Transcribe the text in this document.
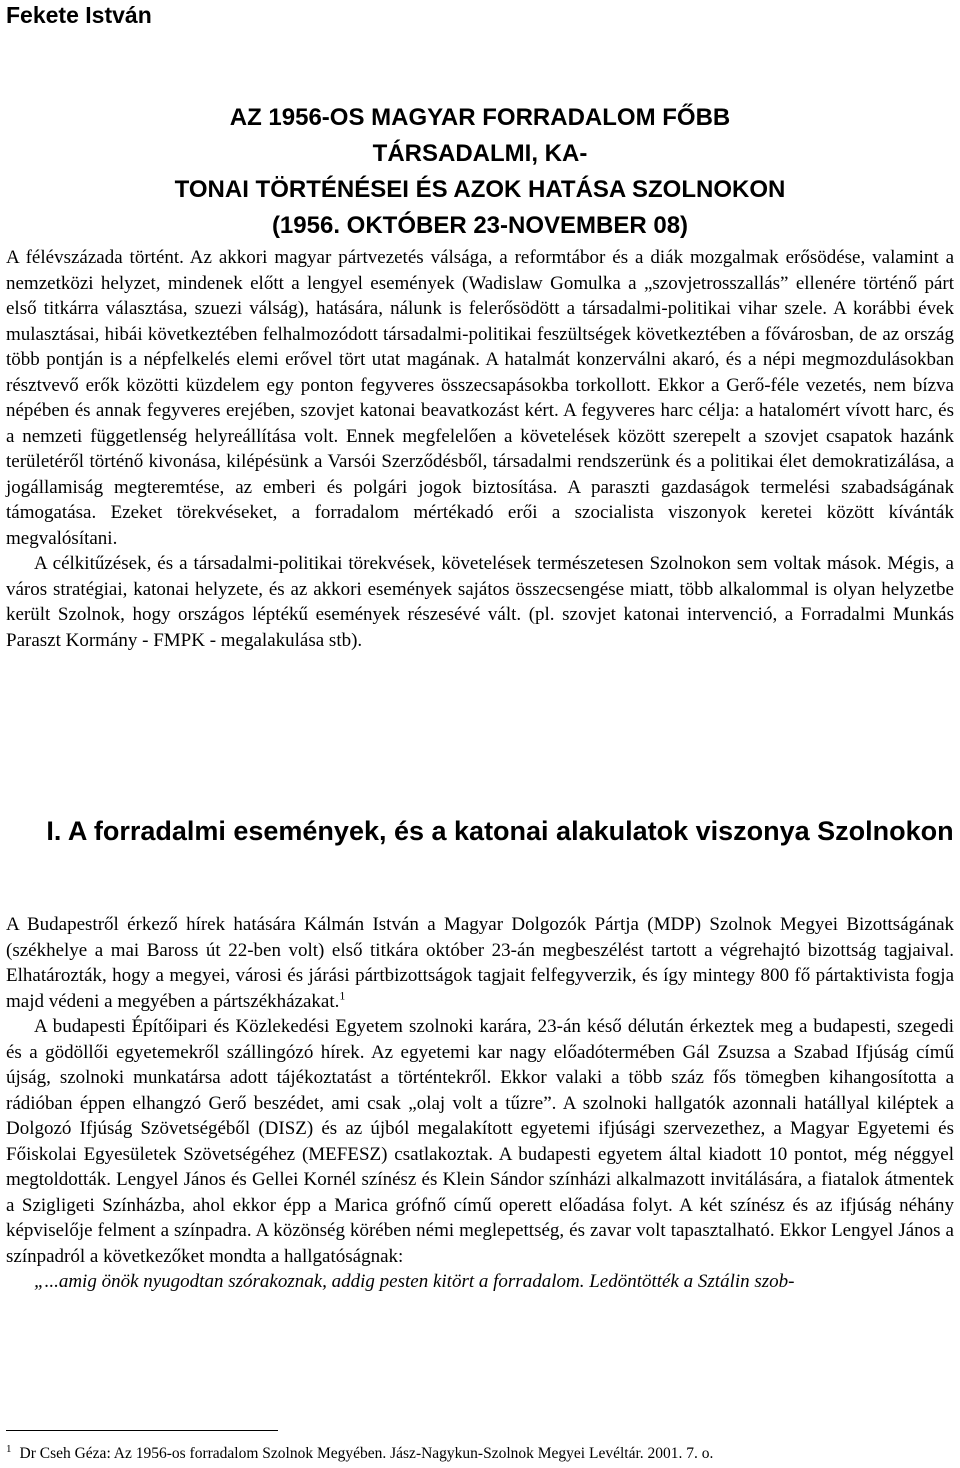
Fekete István
AZ 1956-OS MAGYAR FORRADALOM FŐBB TÁRSADALMI, KA-
TONAI TÖRTÉNÉSEI ÉS AZOK HATÁSA SZOLNOKON
(1956. OKTÓBER 23-NOVEMBER 08)

A félévszázada történt. Az akkori magyar pártvezetés válsága, a reformtábor és a diák mozgalmak erősödése, valamint a nemzetközi helyzet, mindenek előtt a lengyel események (Wadislaw Gomulka a „szovjetrosszallás” ellenére történő párt első titkárra választása, szuezi válság), hatására, nálunk is felerősödött a társadalmi-politikai vihar szele. A korábbi évek mulasztásai, hibái következtében felhalmozódott társadalmi-politikai feszültségek következtében a fővárosban, de az ország több pontján is a népfelkelés elemi erővel tört utat magának. A hatalmát konzerválni akaró, és a népi megmozdulásokban résztvevő erők közötti küzdelem egy ponton fegyveres összecsapásokba torkollott. Ekkor a Gerő-féle vezetés, nem bízva népében és annak fegyveres erejében, szovjet katonai beavatkozást kért. A fegyveres harc célja: a hatalomért vívott harc, és a nemzeti függetlenség helyreállítása volt. Ennek megfelelően a követelések között szerepelt a szovjet csapatok hazánk területéről történő kivonása, kilépésünk a Varsói Szerződésből, társadalmi rendszerünk és a politikai élet demokratizálása, a jogállamiság megteremtése, az emberi és polgári jogok biztosítása. A paraszti gazdaságok termelési szabadságának támogatása. Ezeket törekvéseket, a forradalom mértékadó erői a szocialista viszonyok keretei között kívánták megvalósítani.

A célkitűzések, és a társadalmi-politikai törekvések, követelések természetesen Szolnokon sem voltak mások. Mégis, a város stratégiai, katonai helyzete, és az akkori események sajátos összecsengése miatt, több alkalommal is olyan helyzetbe került Szolnok, hogy országos léptékű események részesévé vált. (pl. szovjet katonai intervenció, a Forradalmi Munkás Paraszt Kormány - FMPK - megalakulása stb).

I. A forradalmi események, és a katonai alakulatok viszonya Szolnokon

A Budapestről érkező hírek hatására Kálmán István a Magyar Dolgozók Pártja (MDP) Szolnok Megyei Bizottságának (székhelye a mai Baross út 22-ben volt) első titkára október 23-án megbeszélést tartott a végrehajtó bizottság tagjaival. Elhatározták, hogy a megyei, városi és járási pártbizottságok tagjait felfegyverzik, és így mintegy 800 fő pártaktivista fogja majd védeni a megyében a pártszékházakat.$^1$

A budapesti Építőipari és Közlekedési Egyetem szolnoki karára, 23-án késő délután érkeztek meg a budapesti, szegedi és a gödöllői egyetemekről szállingózó hírek. Az egyetemi kar nagy előadótermében Gál Zsuzsa a Szabad Ifjúság című újság, szolnoki munkatársa adott tájékoztatást a történtekről. Ekkor valaki a több száz fős tömegben kihangosította a rádióban éppen elhangzó Gerő beszédet, ami csak „olaj volt a tűzre”. A szolnoki hallgatók azonnali hatállyal kiléptek a Dolgozó Ifjúság Szövetségéből (DISZ) és az újból megalakított egyetemi ifjúsági szervezethez, a Magyar Egyetemi és Főiskolai Egyesületek Szövetségéhez (MEFESZ) csatlakoztak. A budapesti egyetem által kiadott 10 pontot, még néggyel megtoldották. Lengyel János és Gellei Kornél színész és Klein Sándor színházi alkalmazott invitálására, a fiatalok átmentek a Szigligeti Színházba, ahol ekkor épp a Marica grófnő című operett előadása folyt. A két színész és az ifjúság néhány képviselője felment a színpadra. A közönség körében némi meglepettség, és zavar volt tapasztalható. Ekkor Lengyel János a színpadról a következőket mondta a hallgatóságnak:

„...amig önök nyugodtan szórakoznak, addig pesten kitört a forradalom. Ledöntötték a Sztálin szob-

$^1$ Dr Cseh Géza: Az 1956-os forradalom Szolnok Megyében. Jász-Nagykun-Szolnok Megyei Levéltár. 2001. 7. o.
